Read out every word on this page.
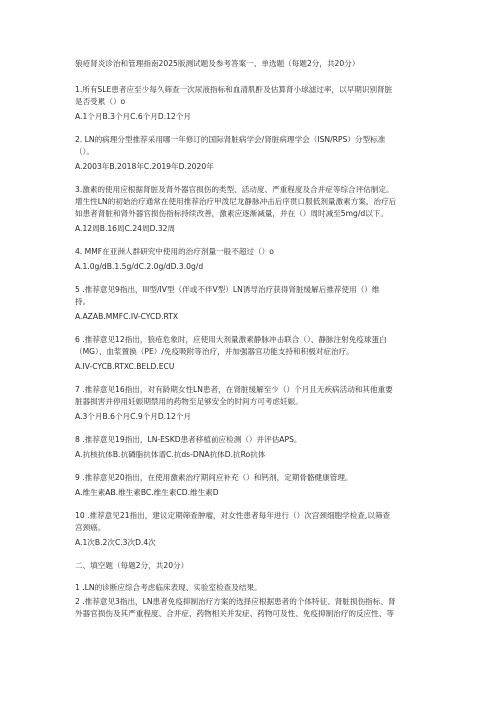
狼疮肾炎诊治和管理指南2025版测试题及参考答案一、单选题（每题2分，共20分）
1.所有SLE患者应至少每久筛查一次尿液指标和血清肌酐及估算肾小球滤过率，以早期识别肾脏
是否受累（）o
A.1个月B.3个月C.6个月D.12个月
2. LN的病理分型推荐采用哪一年修订的国际肾脏病学会/肾脏病理学会（ISN/RPS）分型标准
（）。
A.2003年B.2018年C.2019年D.2020年
3.激素的使用应根据肾脏及肾外器官损伤的类型、活动度、严重程度及合并症等综合评估制定。
增生性LN的初始治疗通常在使用推荐治疗甲泼尼龙静脉冲击后序贯口服低剂量激素方案，治疗后
如患者肾脏和肾外器官损伤指标持续改善，激素应逐渐减量，并在（）周时减至5mg/d以下。
A.12周B.16周C.24周D.32周
4. MMF在亚洲人群研究中使用的治疗剂量一般不超过（）o
A.1.0g/dB.1.5g/dC.2.0g/dD.3.0g/d
5 .推荐意见9指出，III型/IV型（伴或不伴V型）LN诱导治疗获得肾脏缓解后推荐使用（）维
持。
A.AZAB.MMFC.IV-CYCD.RTX
6 .推荐意见12指出，狼疮危象时，应使用大剂量激素静脉冲击联合（）、静脉注射免疫球蛋白
（MG）、血浆置换（PE）/免疫吸附等治疗，并加强器官功能支持和积极对症治疗。
A.IV-CYCB.RTXC.BELD.ECU
7 .推荐意见16指出，对有龄期女性LN患者，在肾脏缓解至少（）个月且无疾病活动和其他重要
脏器损害并停用妊娠期禁用的药物至足够安全的时间方可考虑妊娠。
A.3个月B.6个月C.9个月D.12个月
8 .推荐意见19指出，LN-ESKD患者移植前应检测（）并评估APS。
A.抗核抗体B.抗磷脂抗体谱C.抗ds-DNA抗体D.抗Ro抗体
9 .推荐意见20指出，在使用激素治疗期间应补充（）和钙剂，定期骨骼健康管理。
A.维生素AB.维生素BC.维生素CD.维生素D
10 .推荐意见21指出，建议定期筛查肿瘤，对女性患者每年进行（）次宫颈细胞学检查,以筛查
宫颈癌。
A.1次B.2次C.3次D.4次
二、填空题（每题2分，共20分）
1 .LN的诊断应综合考虑临床表现、实验室检查及结果。
2 .推荐意见3指出，LN患者免疫抑制治疗方案的选择应根据患者的个体特征、肾脏损伤指标、肾
外器官损伤及其严重程度、合并症、药物相关并发症、药物可及性、免疫抑制治疗的反应性、等
